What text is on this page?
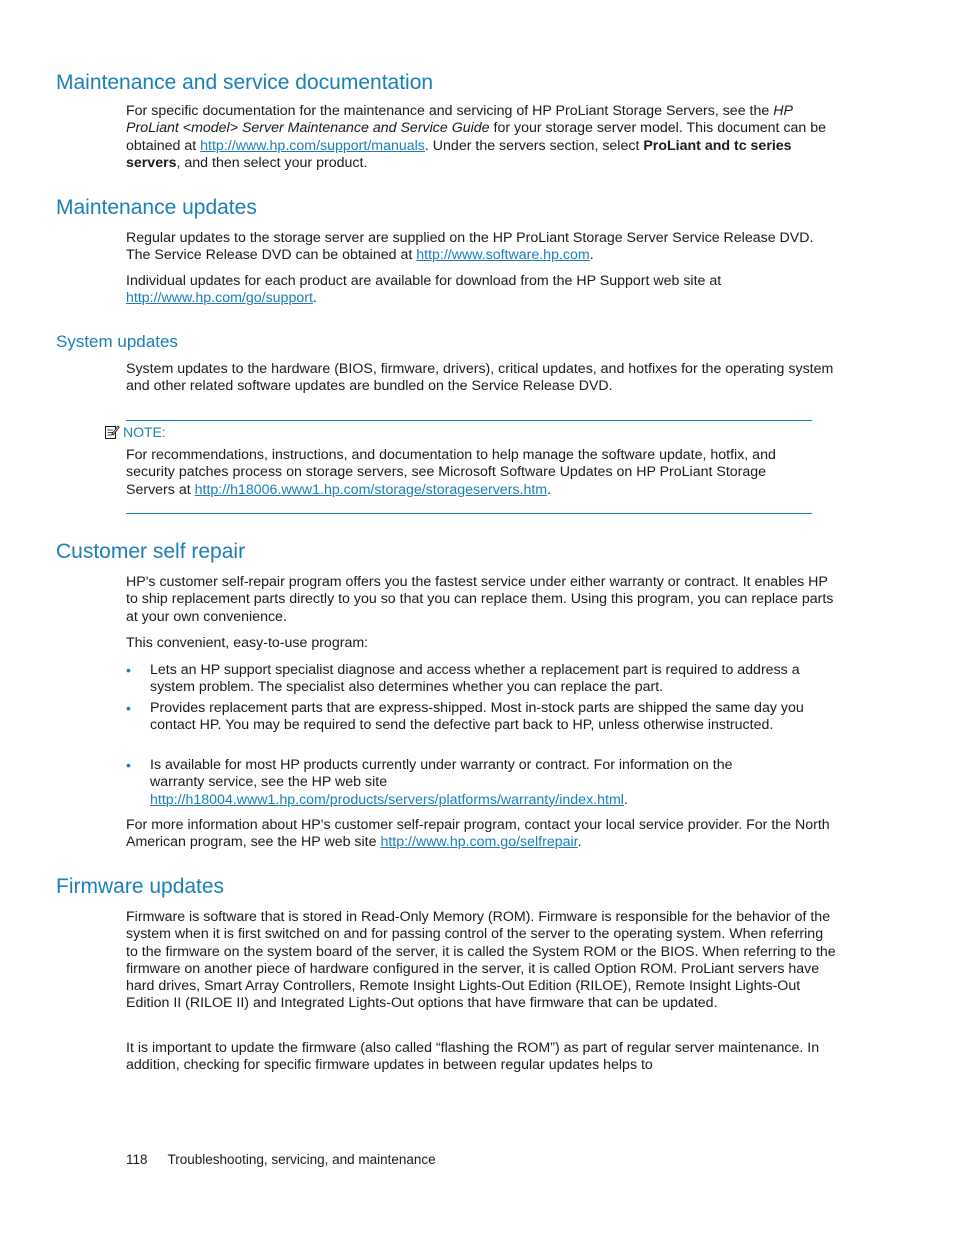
Maintenance and service documentation

For specific documentation for the maintenance and servicing of HP ProLiant Storage Servers, see the HP ProLiant <model> Server Maintenance and Service Guide for your storage server model. This document can be obtained at http://www.hp.com/support/manuals. Under the servers section, select ProLiant and tc series servers, and then select your product.

Maintenance updates

Regular updates to the storage server are supplied on the HP ProLiant Storage Server Service Release DVD. The Service Release DVD can be obtained at http://www.software.hp.com.

Individual updates for each product are available for download from the HP Support web site at http://www.hp.com/go/support.

System updates

System updates to the hardware (BIOS, firmware, drivers), critical updates, and hotfixes for the operating system and other related software updates are bundled on the Service Release DVD.

NOTE:

For recommendations, instructions, and documentation to help manage the software update, hotfix, and security patches process on storage servers, see Microsoft Software Updates on HP ProLiant Storage Servers at http://h18006.www1.hp.com/storage/storageservers.htm.

Customer self repair

HP's customer self-repair program offers you the fastest service under either warranty or contract. It enables HP to ship replacement parts directly to you so that you can replace them. Using this program, you can replace parts at your own convenience.

This convenient, easy-to-use program:

•	Lets an HP support specialist diagnose and access whether a replacement part is required to address a system problem. The specialist also determines whether you can replace the part.

•	Provides replacement parts that are express-shipped. Most in-stock parts are shipped the same day you contact HP. You may be required to send the defective part back to HP, unless otherwise instructed.

•	Is available for most HP products currently under warranty or contract. For information on the warranty service, see the HP web site http://h18004.www1.hp.com/products/servers/platforms/warranty/index.html.

For more information about HP's customer self-repair program, contact your local service provider. For the North American program, see the HP web site http://www.hp.com.go/selfrepair.

Firmware updates

Firmware is software that is stored in Read-Only Memory (ROM). Firmware is responsible for the behavior of the system when it is first switched on and for passing control of the server to the operating system. When referring to the firmware on the system board of the server, it is called the System ROM or the BIOS. When referring to the firmware on another piece of hardware configured in the server, it is called Option ROM. ProLiant servers have hard drives, Smart Array Controllers, Remote Insight Lights-Out Edition (RILOE), Remote Insight Lights-Out Edition II (RILOE II) and Integrated Lights-Out options that have firmware that can be updated.

It is important to update the firmware (also called “flashing the ROM”) as part of regular server maintenance. In addition, checking for specific firmware updates in between regular updates helps to

118 Troubleshooting, servicing, and maintenance
